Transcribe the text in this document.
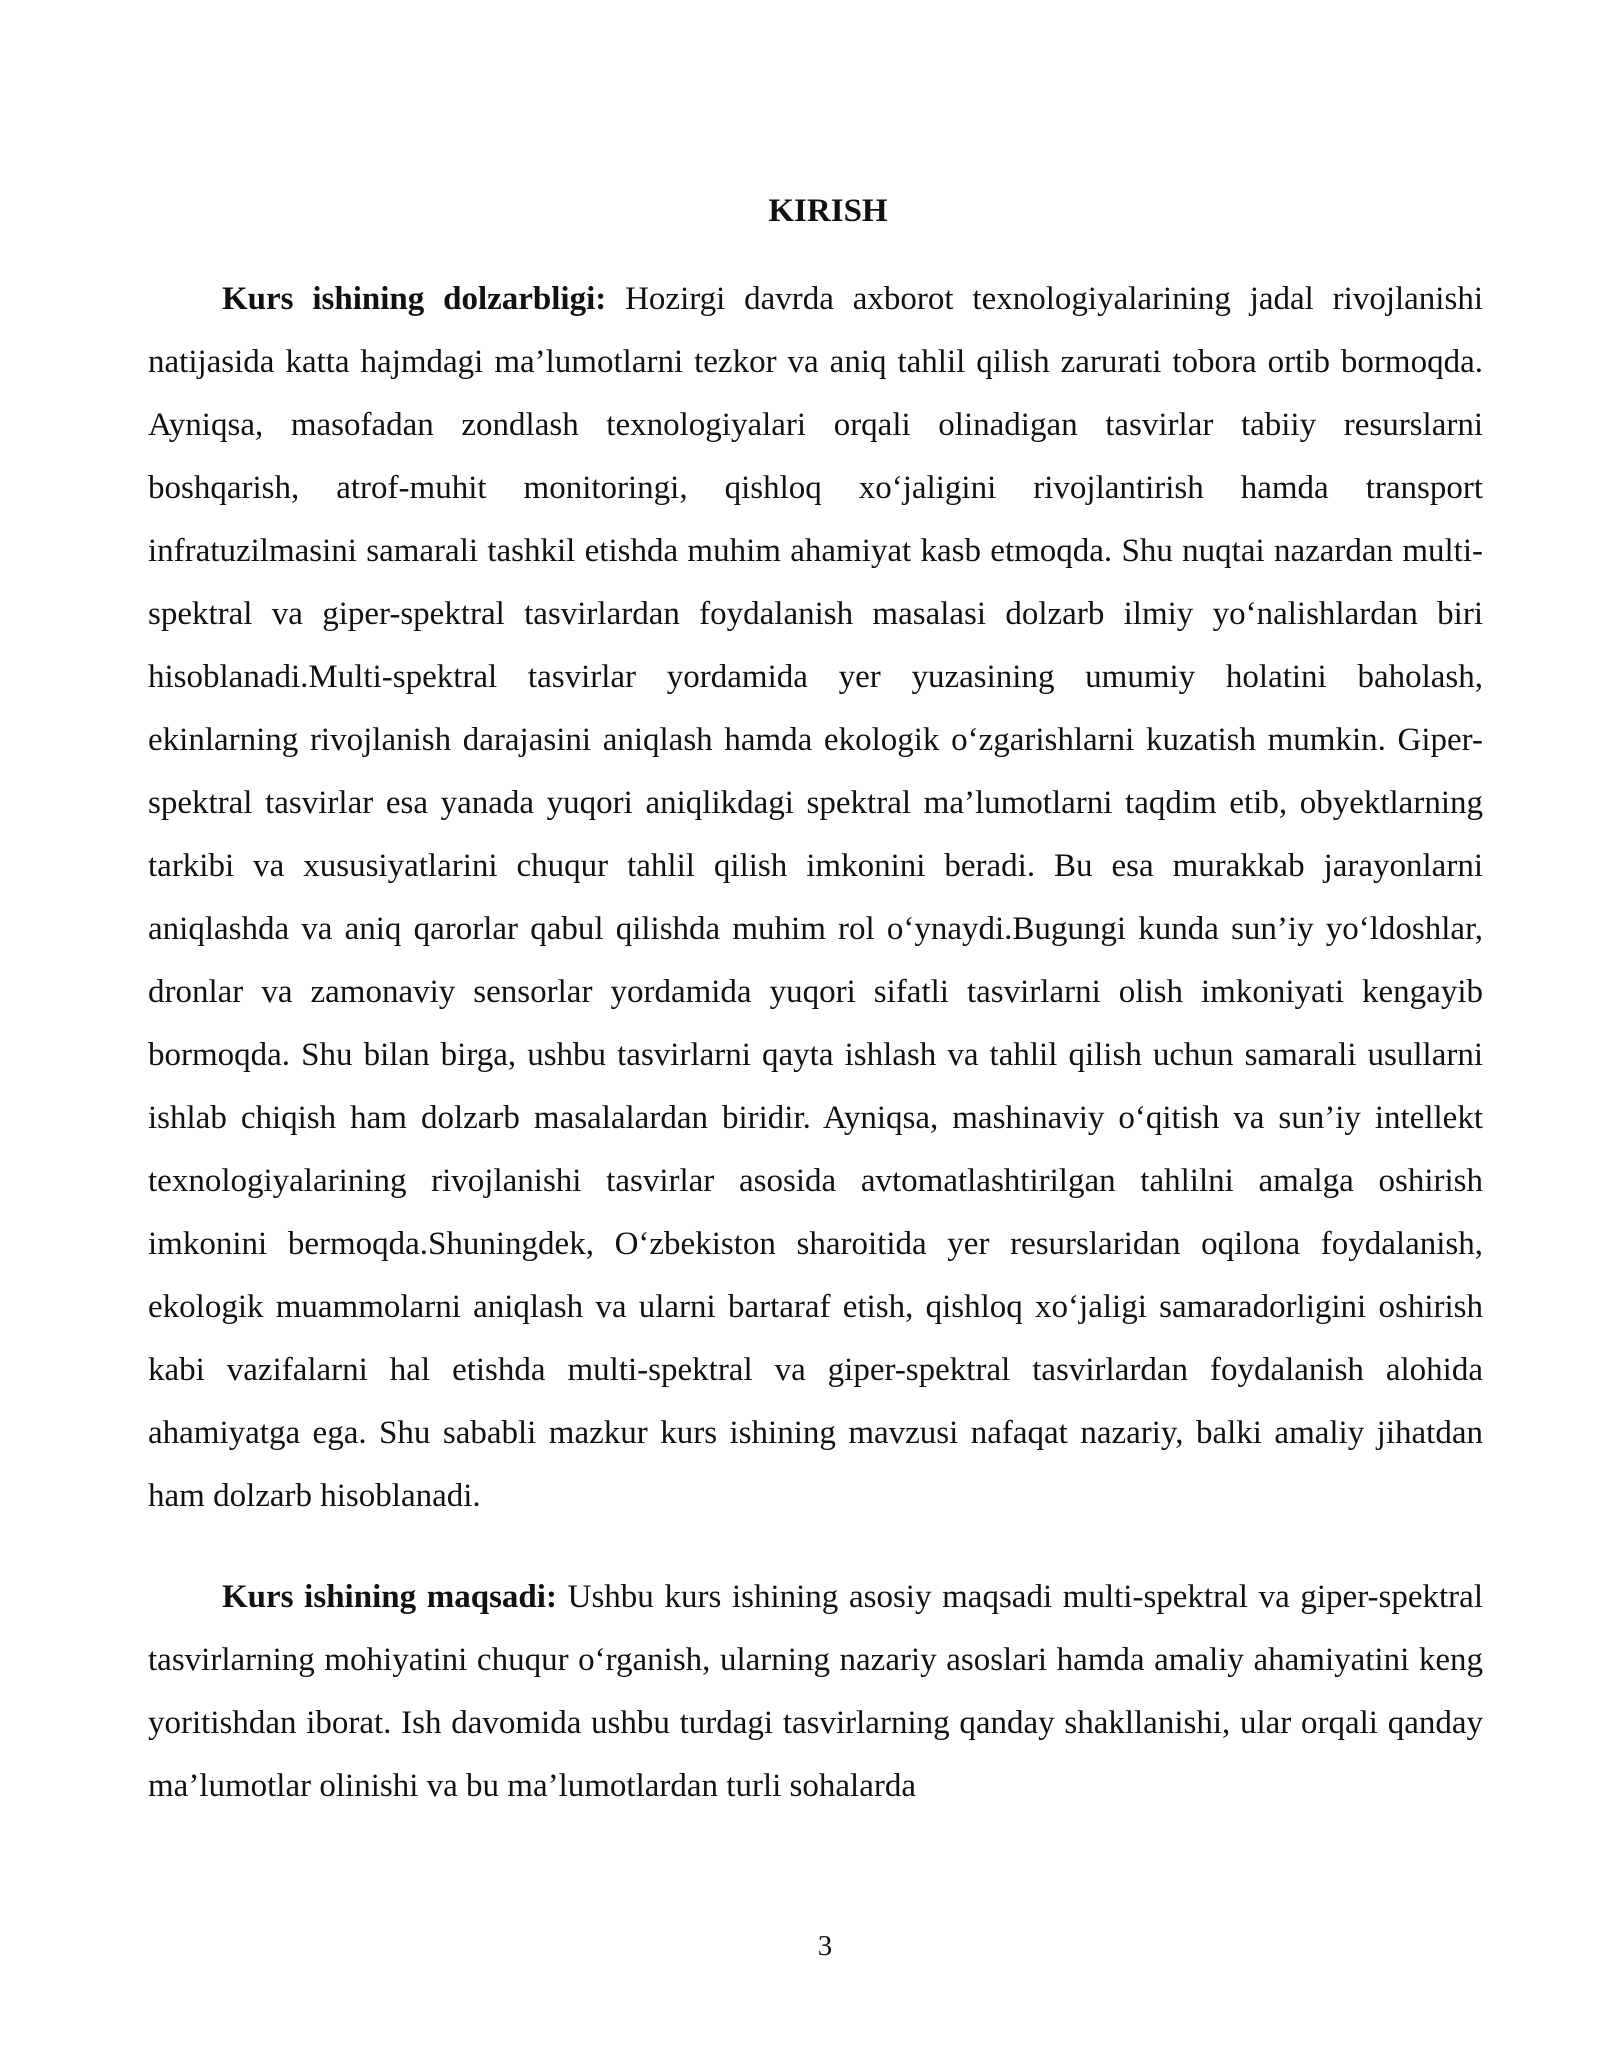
KIRISH

Kurs ishining dolzarbligi: Hozirgi davrda axborot texnologiyalarining jadal rivojlanishi natijasida katta hajmdagi ma’lumotlarni tezkor va aniq tahlil qilish zarurati tobora ortib bormoqda. Ayniqsa, masofadan zondlash texnologiyalari orqali olinadigan tasvirlar tabiiy resurslarni boshqarish, atrof-muhit monitoringi, qishloq xo‘jaligini rivojlantirish hamda transport infratuzilmasini samarali tashkil etishda muhim ahamiyat kasb etmoqda. Shu nuqtai nazardan multi-spektral va giper-spektral tasvirlardan foydalanish masalasi dolzarb ilmiy yo‘nalishlardan biri hisoblanadi.Multi-spektral tasvirlar yordamida yer yuzasining umumiy holatini baholash, ekinlarning rivojlanish darajasini aniqlash hamda ekologik o‘zgarishlarni kuzatish mumkin. Giper-spektral tasvirlar esa yanada yuqori aniqlikdagi spektral ma’lumotlarni taqdim etib, obyektlarning tarkibi va xususiyatlarini chuqur tahlil qilish imkonini beradi. Bu esa murakkab jarayonlarni aniqlashda va aniq qarorlar qabul qilishda muhim rol o‘ynaydi.Bugungi kunda sun’iy yo‘ldoshlar, dronlar va zamonaviy sensorlar yordamida yuqori sifatli tasvirlarni olish imkoniyati kengayib bormoqda. Shu bilan birga, ushbu tasvirlarni qayta ishlash va tahlil qilish uchun samarali usullarni ishlab chiqish ham dolzarb masalalardan biridir. Ayniqsa, mashinaviy o‘qitish va sun’iy intellekt texnologiyalarining rivojlanishi tasvirlar asosida avtomatlashtirilgan tahlilni amalga oshirish imkonini bermoqda.Shuningdek, O‘zbekiston sharoitida yer resurslaridan oqilona foydalanish, ekologik muammolarni aniqlash va ularni bartaraf etish, qishloq xo‘jaligi samaradorligini oshirish kabi vazifalarni hal etishda multi-spektral va giper-spektral tasvirlardan foydalanish alohida ahamiyatga ega. Shu sababli mazkur kurs ishining mavzusi nafaqat nazariy, balki amaliy jihatdan ham dolzarb hisoblanadi.

Kurs ishining maqsadi: Ushbu kurs ishining asosiy maqsadi multi-spektral va giper-spektral tasvirlarning mohiyatini chuqur o‘rganish, ularning nazariy asoslari hamda amaliy ahamiyatini keng yoritishdan iborat. Ish davomida ushbu turdagi tasvirlarning qanday shakllanishi, ular orqali qanday ma’lumotlar olinishi va bu ma’lumotlardan turli sohalarda

3
